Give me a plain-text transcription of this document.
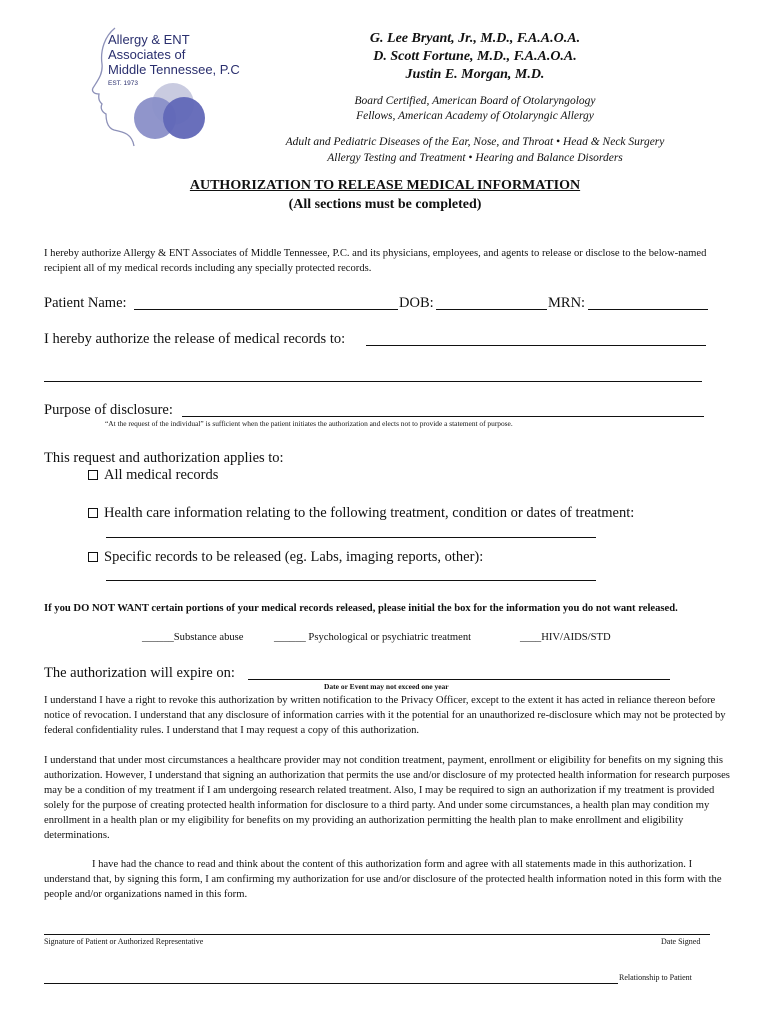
Allergy & ENT
Associates of
Middle Tennessee, P.C
EST. 1973
G. Lee Bryant, Jr., M.D., F.A.A.O.A.
D. Scott Fortune, M.D., F.A.A.O.A.
Justin E. Morgan, M.D.
Board Certified, American Board of Otolaryngology
Fellows, American Academy of Otolaryngic Allergy
Adult and Pediatric Diseases of the Ear, Nose, and Throat • Head & Neck Surgery
Allergy Testing and Treatment • Hearing and Balance Disorders
AUTHORIZATION TO RELEASE MEDICAL INFORMATION
(All sections must be completed)
I hereby authorize Allergy & ENT Associates of Middle Tennessee, P.C. and its physicians, employees, and agents to release or disclose to the below-named recipient all of my medical records including any specially protected records.
Patient Name:	DOB:	MRN:
I hereby authorize the release of medical records to:
Purpose of disclosure:
“At the request of the individual” is sufficient when the patient initiates the authorization and elects not to provide a statement of purpose.
This request and authorization applies to:
All medical records
Health care information relating to the following treatment, condition or dates of treatment:
Specific records to be released (eg. Labs, imaging reports, other):
If you DO NOT WANT certain portions of your medical records released, please initial the box for the information you do not want released.
______Substance abuse	______ Psychological or psychiatric treatment	____HIV/AIDS/STD
The authorization will expire on:
Date or Event may not exceed one year
I understand I have a right to revoke this authorization by written notification to the Privacy Officer, except to the extent it has acted in reliance thereon before notice of revocation. I understand that any disclosure of information carries with it the potential for an unauthorized re-disclosure which may not be protected by federal confidentiality rules. I understand that I may request a copy of this authorization.
I understand that under most circumstances a healthcare provider may not condition treatment, payment, enrollment or eligibility for benefits on my signing this authorization. However, I understand that signing an authorization that permits the use and/or disclosure of my protected health information for research purposes may be a condition of my treatment if I am undergoing research related treatment. Also, I may be required to sign an authorization if my treatment is provided solely for the purpose of creating protected health information for disclosure to a third party. And under some circumstances, a health plan may condition my enrollment in a health plan or my eligibility for benefits on my providing an authorization permitting the health plan to make enrollment and eligibility determinations.
I have had the chance to read and think about the content of this authorization form and agree with all statements made in this authorization. I understand that, by signing this form, I am confirming my authorization for use and/or disclosure of the protected health information noted in this form with the people and/or organizations named in this form.
Signature of Patient or Authorized Representative	Date Signed
Relationship to Patient
